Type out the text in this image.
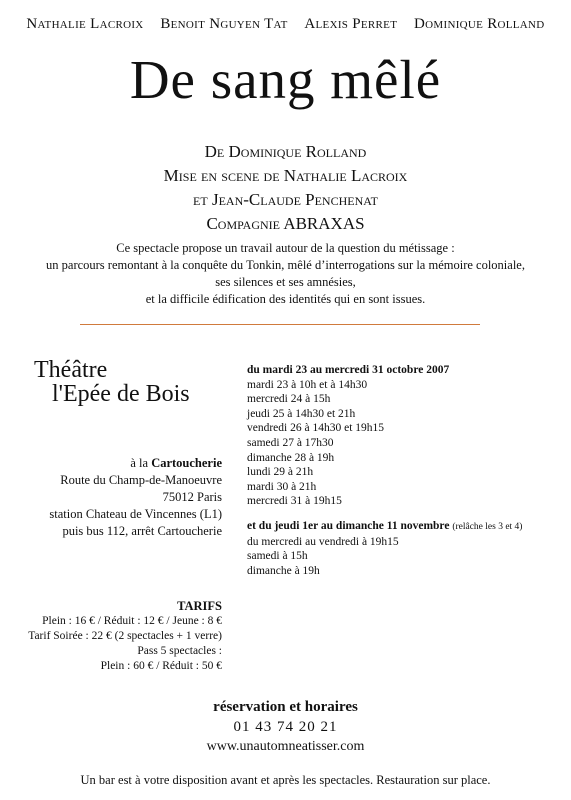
Nathalie Lacroix Benoit Nguyen Tat Alexis Perret Dominique Rolland
De sang mêlé
De Dominique Rolland
Mise en scene de Nathalie Lacroix
et Jean-Claude Penchenat
Compagnie ABRAXAS
Ce spectacle propose un travail autour de la question du métissage :
un parcours remontant à la conquête du Tonkin, mêlé d’interrogations sur la mémoire coloniale,
ses silences et ses amnésies,
et la difficile édification des identités qui en sont issues.
Théâtre
l'Epée de Bois
à la Cartoucherie
Route du Champ-de-Manoeuvre
75012 Paris
station Chateau de Vincennes (L1)
puis bus 112, arrêt Cartoucherie
du mardi 23 au mercredi 31 octobre 2007
mardi 23 à 10h et à 14h30
mercredi 24 à 15h
jeudi 25 à 14h30 et 21h
vendredi 26 à 14h30 et 19h15
samedi 27 à 17h30
dimanche 28 à 19h
lundi 29 à 21h
mardi 30 à 21h
mercredi 31 à 19h15
et du jeudi 1er au dimanche 11 novembre (relâche les 3 et 4)
du mercredi au vendredi à 19h15
samedi à 15h
dimanche à 19h
TARIFS
Plein : 16 € / Réduit : 12 € / Jeune : 8 €
Tarif Soirée : 22 € (2 spectacles + 1 verre)
Pass 5 spectacles :
Plein : 60 € / Réduit : 50 €
réservation et horaires
01 43 74 20 21
www.unautomneatisser.com
Un bar est à votre disposition avant et après les spectacles. Restauration sur place.
